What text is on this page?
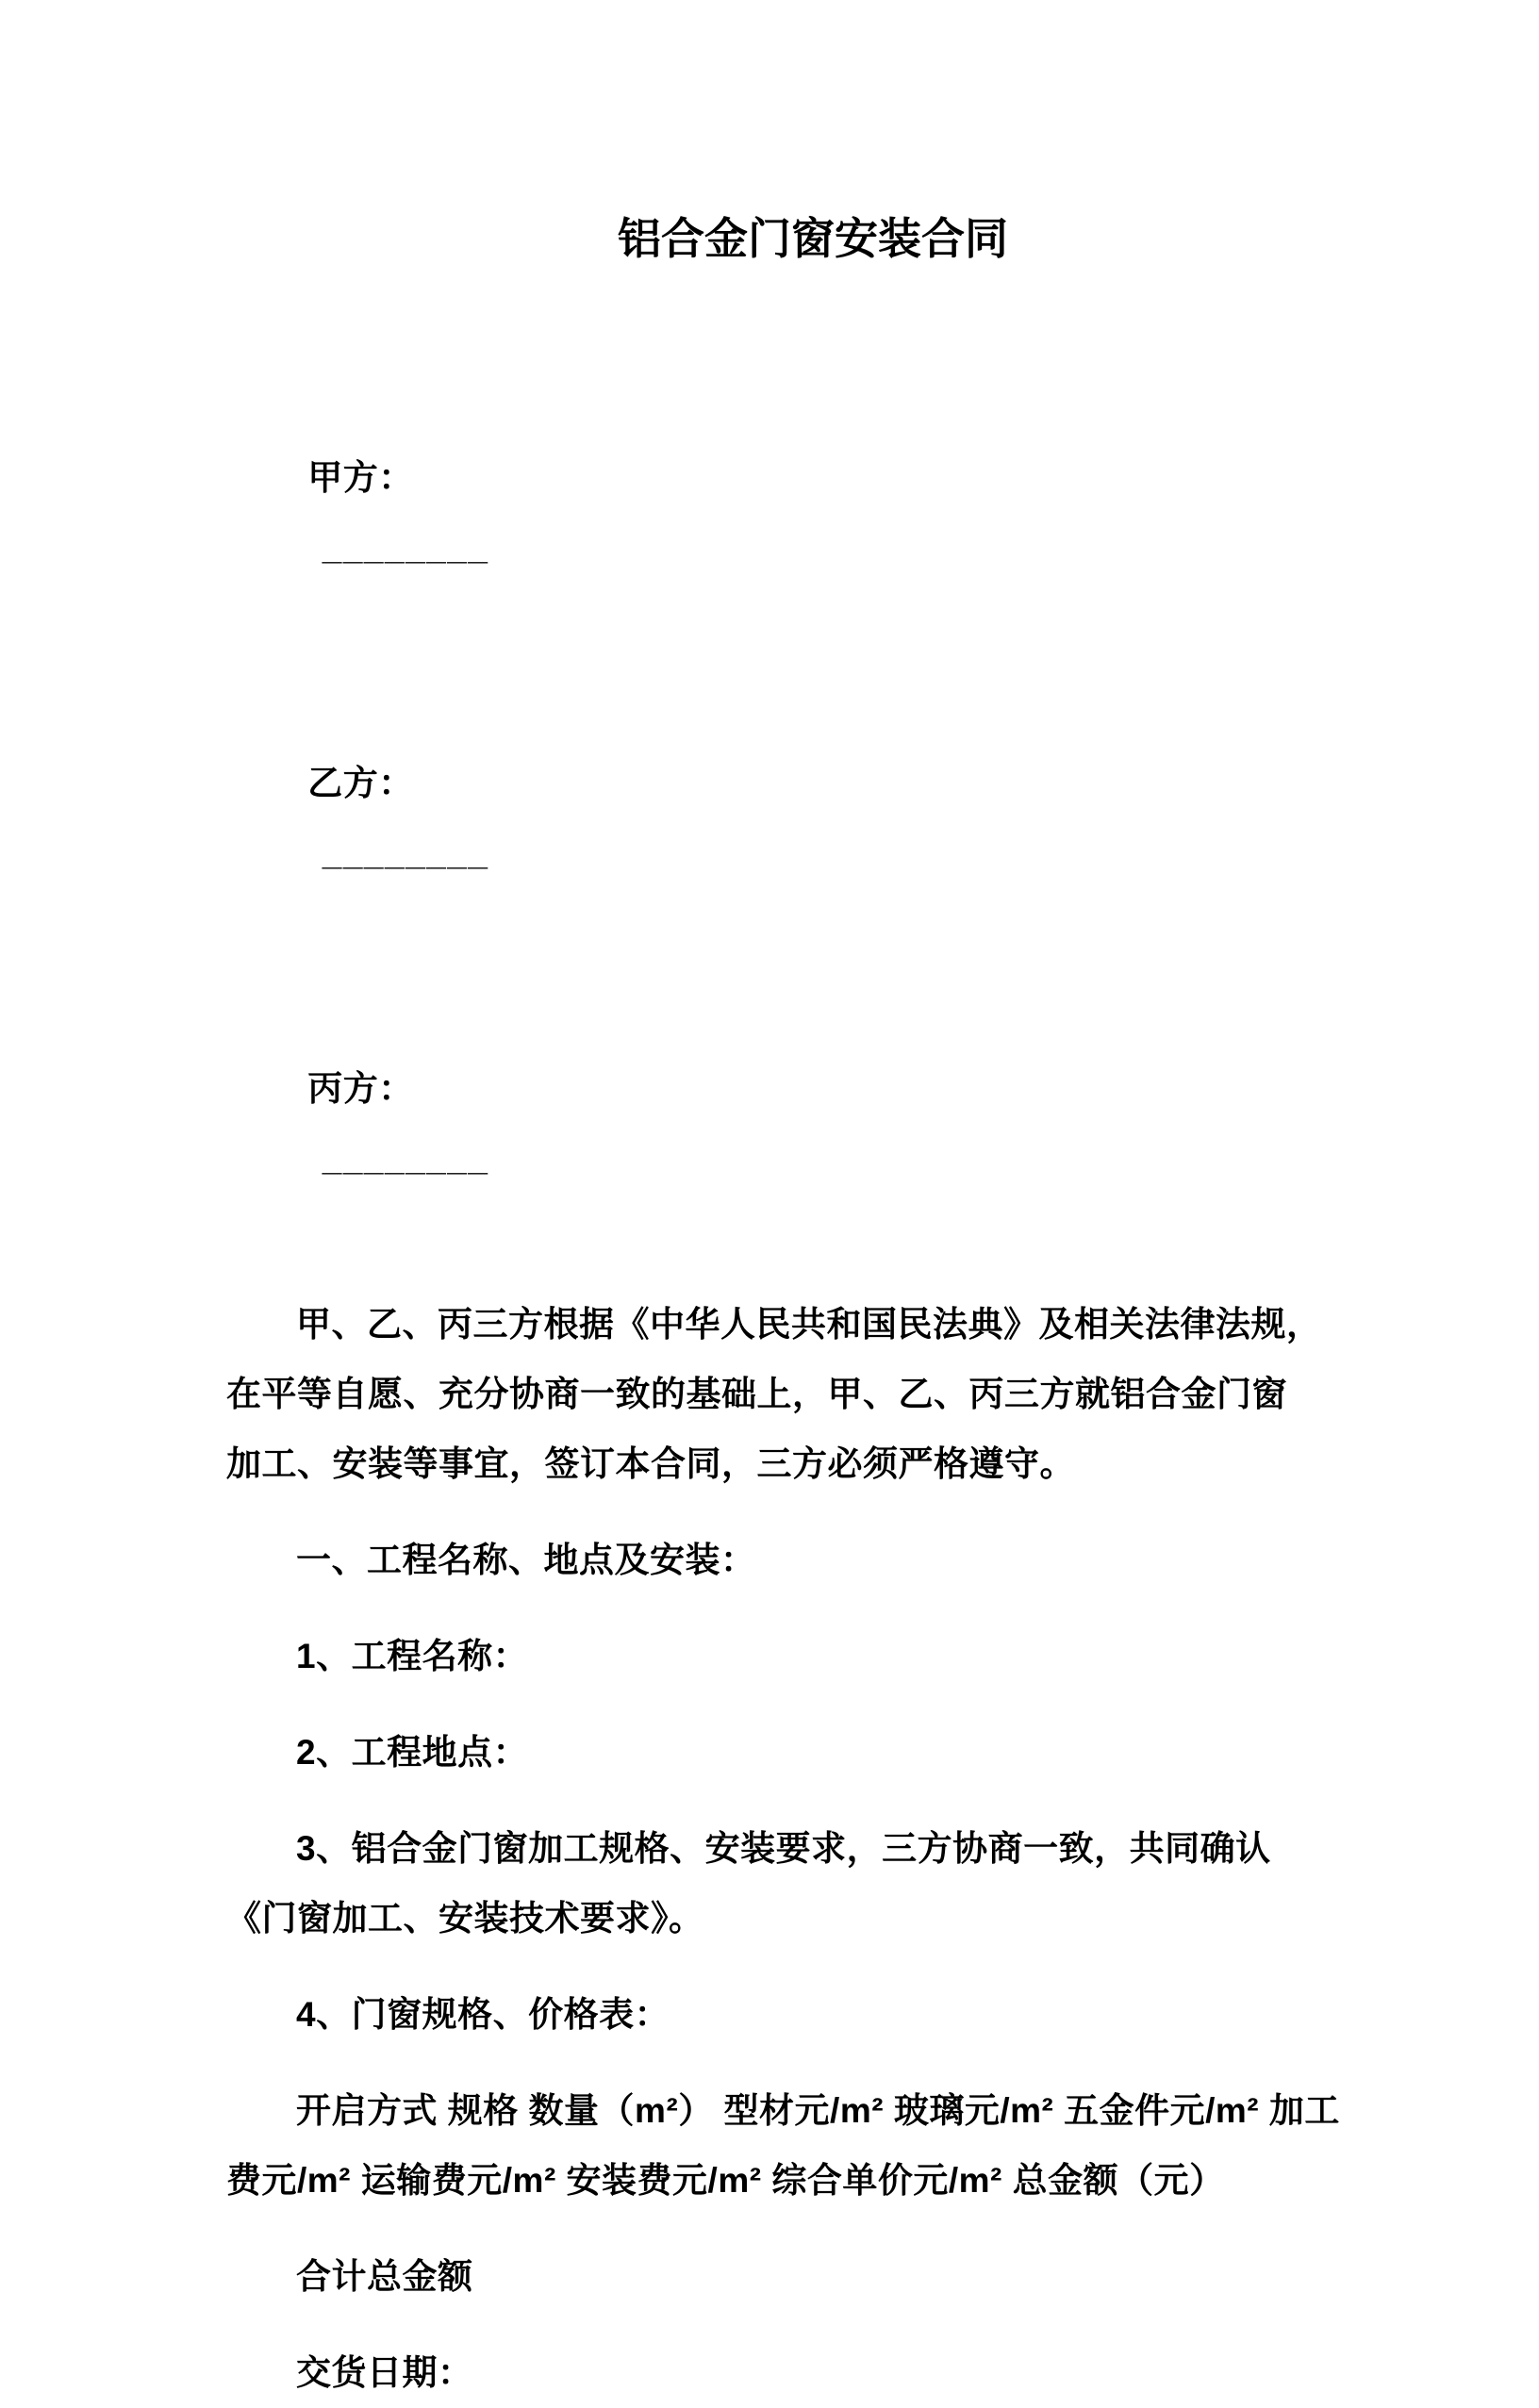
铝合金门窗安装合同

甲方：
________

乙方：
________

丙方：
________

甲、乙、丙三方根据《中华人民共和国民法典》及相关法律法规，
在平等自愿、充分协商一致的基础上，甲、乙、丙三方就铝合金门窗
加工、安装等事宜，签订本合同，三方必须严格遵守。
一、工程名称、地点及安装：
1、工程名称：
2、工程地点：
3、铝合金门窗加工规格、安装要求，三方协商一致，共同确认
《门窗加工、安装技术要求》。
4、门窗规格、价格表：
开启方式 规格 数量（m²） 型材元/m² 玻璃元/m² 五金件元/m² 加工
费元/m² 运输费元/m² 安装费元/m² 综合单价元/m² 总金额（元）
合计总金额
交货日期：
